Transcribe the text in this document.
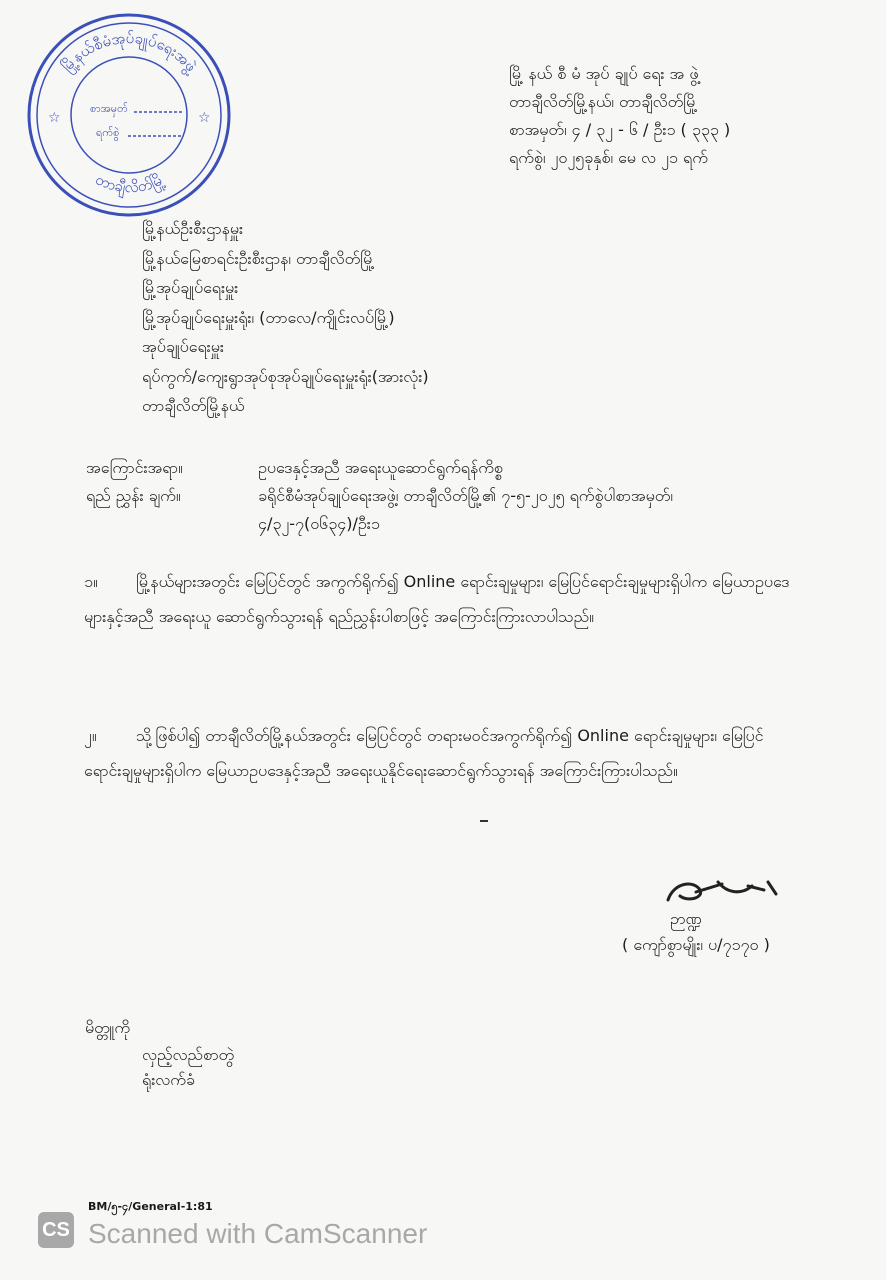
မြို့နယ်စီမံအုပ်ချုပ်ရေးအဖွဲ့
တာချီလိတ်မြို့
စာအမှတ်
ရက်စွဲ
☆	☆
မြို့ နယ် စီ မံ အုပ် ချုပ် ရေး အ ဖွဲ့
တာချီလိတ်မြို့နယ်၊ တာချီလိတ်မြို့
စာအမှတ်၊ ၄ / ၃၂ - ၆ / ဦး၁ ( ၃၃၃ )
ရက်စွဲ၊ ၂၀၂၅ခုနှစ်၊ မေ လ ၂၁ ရက်
မြို့နယ်ဦးစီးဌာနမှူး
မြို့နယ်မြေစာရင်းဦးစီးဌာန၊ တာချီလိတ်မြို့
မြို့အုပ်ချုပ်ရေးမှူး
မြို့အုပ်ချုပ်ရေးမှူးရုံး၊ (တာလေ/ကျိုင်းလပ်မြို့)
အုပ်ချုပ်ရေးမှူး
ရပ်ကွက်/ကျေးရွာအုပ်စုအုပ်ချုပ်ရေးမှူးရုံး(အားလုံး)
တာချီလိတ်မြို့နယ်
အကြောင်းအရာ။	ဥပဒေနှင့်အညီ အရေးယူဆောင်ရွက်ရန်ကိစ္စ
ရည် ညွှန်း ချက်။	ခရိုင်စီမံအုပ်ချုပ်ရေးအဖွဲ့၊ တာချီလိတ်မြို့၏ ၇-၅-၂၀၂၅ ရက်စွဲပါစာအမှတ်၊
၄/၃၂-၇(၀၆၃၄)/ဦး၁
၁။ မြို့နယ်များအတွင်း မြေပြင်တွင် အကွက်ရိုက်၍ Online ရောင်းချမှုများ၊ မြေပြင်ရောင်းချမှုများရှိပါက မြေယာဥပဒေများနှင့်အညီ အရေးယူ ဆောင်ရွက်သွားရန် ရည်ညွှန်းပါစာဖြင့် အကြောင်းကြားလာပါသည်။
၂။ သို့ဖြစ်ပါ၍ တာချီလိတ်မြို့နယ်အတွင်း မြေပြင်တွင် တရားမဝင်အကွက်ရိုက်၍ Online ရောင်းချမှုများ၊ မြေပြင်ရောင်းချမှုများရှိပါက မြေယာဥပဒေနှင့်အညီ အရေးယူနိုင်ရေးဆောင်ရွက်သွားရန် အကြောင်းကြားပါသည်။
ဉာဏ္ဍ
( ကျော်စွာမျိုး၊ ပ/၇၁၇၀ )
မိတ္တူကို
လှည့်လည်စာတွဲ
ရုံးလက်ခံ
BM/၅-၄/General-1:81
CS Scanned with CamScanner
